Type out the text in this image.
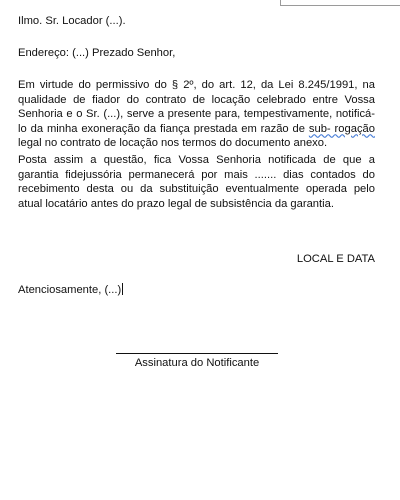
Ilmo. Sr. Locador (...).
Endereço: (...) Prezado Senhor,
Em virtude do permissivo do § 2º, do art. 12, da Lei 8.245/1991, na qualidade de fiador do contrato de locação celebrado entre Vossa Senhoria e o Sr. (...), serve a presente para, tempestivamente, notificá-lo da minha exoneração da fiança prestada em razão de sub- rogação legal no contrato de locação nos termos do documento anexo.
Posta assim a questão, fica Vossa Senhoria notificada de que a garantia fidejussória permanecerá por mais ....... dias contados do recebimento desta ou da substituição eventualmente operada pelo atual locatário antes do prazo legal de subsistência da garantia.
LOCAL E DATA
Atenciosamente, (...)
Assinatura do Notificante
